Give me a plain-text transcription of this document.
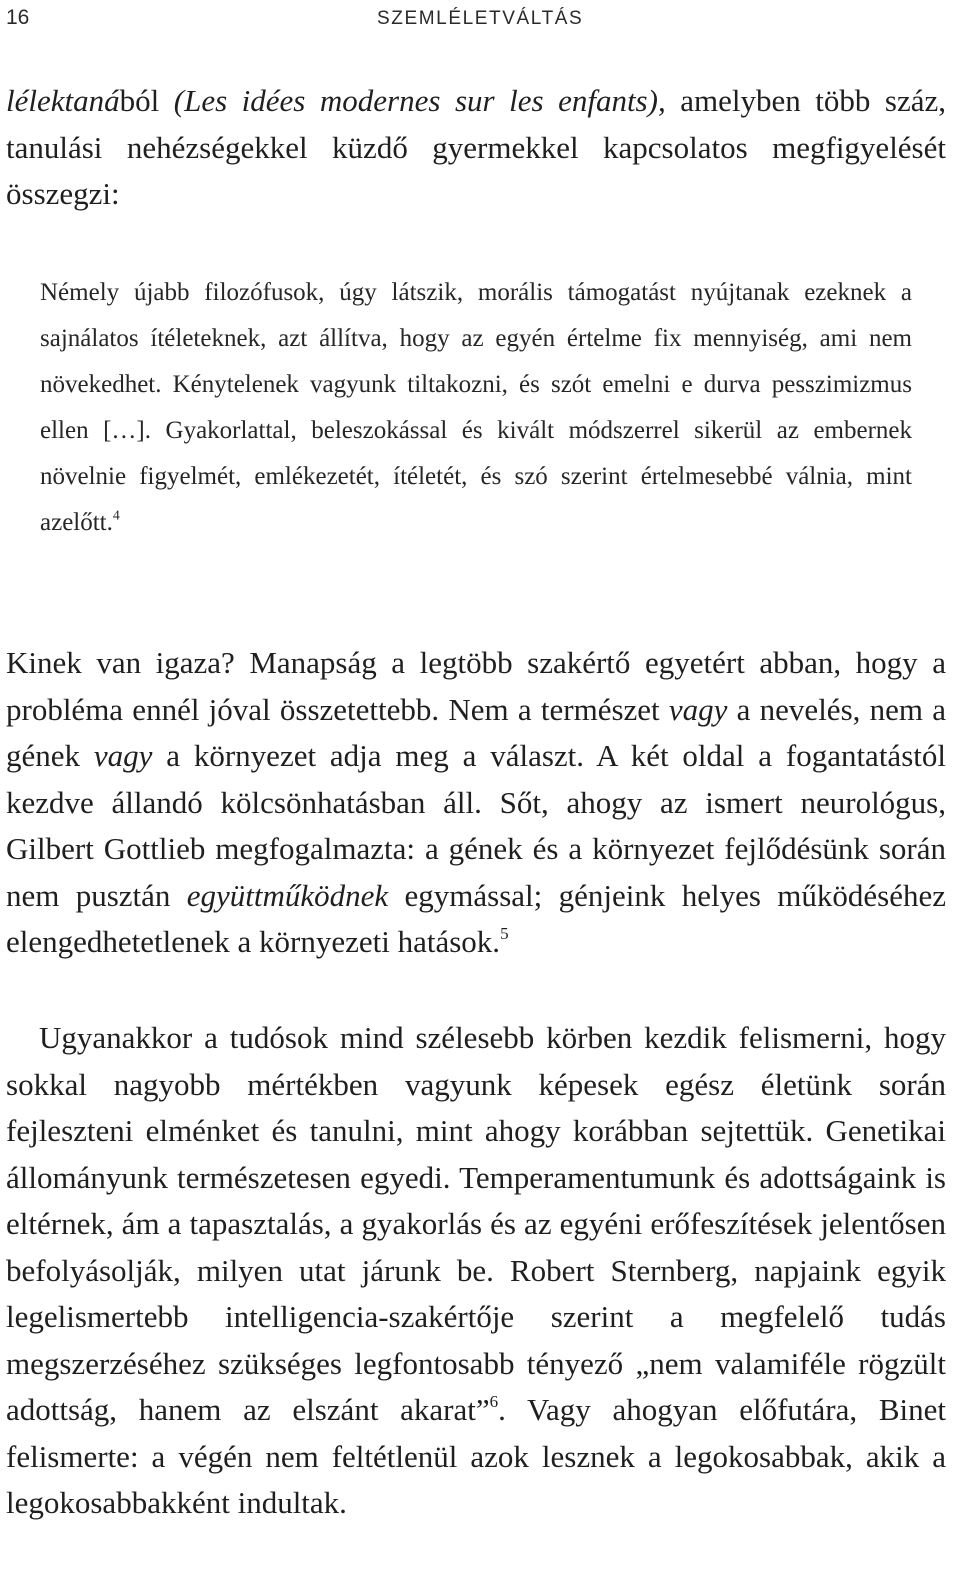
16	SZEMLÉLETVÁLTÁS

lélektanából (Les idées modernes sur les enfants), amelyben több száz, tanulási nehézségekkel küzdő gyermekkel kapcsolatos megfigyelését összegzi:

Némely újabb filozófusok, úgy látszik, morális támogatást nyújtanak ezeknek a sajnálatos ítéleteknek, azt állítva, hogy az egyén értelme fix mennyiség, ami nem növekedhet. Kénytelenek vagyunk tiltakozni, és szót emelni e durva pesszimizmus ellen […]. Gyakorlattal, beleszokással és kivált módszerrel sikerül az embernek növelnie figyelmét, emlékezetét, ítéletét, és szó szerint értelmesebbé válnia, mint azelőtt.$^4$

Kinek van igaza? Manapság a legtöbb szakértő egyetért abban, hogy a probléma ennél jóval összetettebb. Nem a természet vagy a nevelés, nem a gének vagy a környezet adja meg a választ. A két oldal a fogantatástól kezdve állandó kölcsönhatásban áll. Sőt, ahogy az ismert neurológus, Gilbert Gottlieb megfogalmazta: a gének és a környezet fejlődésünk során nem pusztán együttműködnek egymással; génjeink helyes működéséhez elengedhetetlenek a környezeti hatások.$^5$

Ugyanakkor a tudósok mind szélesebb körben kezdik felismerni, hogy sokkal nagyobb mértékben vagyunk képesek egész életünk során fejleszteni elménket és tanulni, mint ahogy korábban sejtettük. Genetikai állományunk természetesen egyedi. Temperamentumunk és adottságaink is eltérnek, ám a tapasztalás, a gyakorlás és az egyéni erőfeszítések jelentősen befolyásolják, milyen utat járunk be. Robert Sternberg, napjaink egyik legelismertebb intelligencia-szakértője szerint a megfelelő tudás megszerzéséhez szükséges legfontosabb tényező „nem valamiféle rögzült adottság, hanem az elszánt akarat”$^6$. Vagy ahogyan előfutára, Binet felismerte: a végén nem feltétlenül azok lesznek a legokosabbak, akik a legokosabbakként indultak.
